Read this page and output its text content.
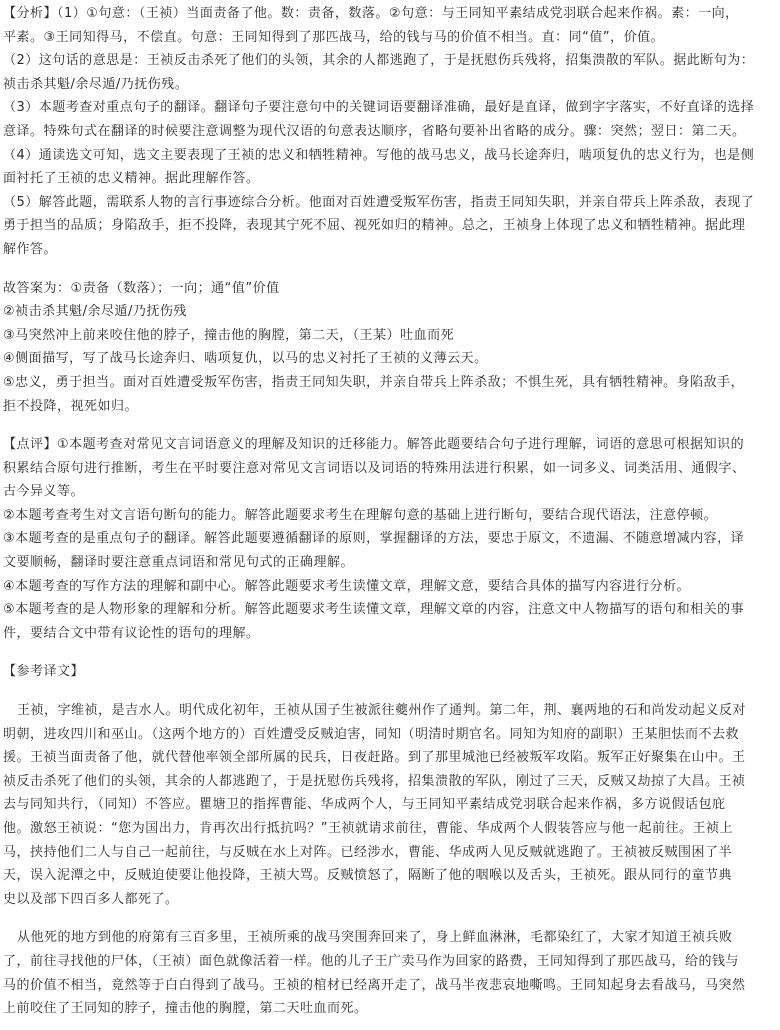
【分析】（1）①句意：（王祯）当面责备了他。数：责备，数落。②句意：与王同知平素结成党羽联合起来作祸。素：一向，
平素。③王同知得马，不偿直。句意：王同知得到了那匹战马，给的钱与马的价值不相当。直：同“值”，价值。
（2）这句话的意思是：王祯反击杀死了他们的头领，其余的人都逃跑了，于是抚慰伤兵残将，招集溃散的军队。据此断句为：
祯击杀其魁/余尽遁/乃抚伤残。
（3）本题考查对重点句子的翻译。翻译句子要注意句中的关键词语要翻译准确，最好是直译，做到字字落实，不好直译的选择
意译。特殊句式在翻译的时候要注意调整为现代汉语的句意表达顺序，省略句要补出省略的成分。骤：突然；翌日：第二天。
（4）通读选文可知，选文主要表现了王祯的忠义和牺牲精神。写他的战马忠义，战马长途奔归，啮项复仇的忠义行为，也是侧
面衬托了王祯的忠义精神。据此理解作答。
（5）解答此题，需联系人物的言行事迹综合分析。他面对百姓遭受叛军伤害，指责王同知失职，并亲自带兵上阵杀敌，表现了
勇于担当的品质；身陷敌手，拒不投降，表现其宁死不屈、视死如归的精神。总之，王祯身上体现了忠义和牺牲精神。据此理
解作答。
故答案为：①责备（数落）；一向；通“值”价值
②祯击杀其魁/余尽遁/乃抚伤残
③马突然冲上前来咬住他的脖子，撞击他的胸膛，第二天，（王某）吐血而死
④侧面描写，写了战马长途奔归、啮项复仇，以马的忠义衬托了王祯的义薄云天。
⑤忠义，勇于担当。面对百姓遭受叛军伤害，指责王同知失职，并亲自带兵上阵杀敌；不惧生死，具有牺牲精神。身陷敌手，
拒不投降，视死如归。
【点评】①本题考查对常见文言词语意义的理解及知识的迁移能力。解答此题要结合句子进行理解，词语的意思可根据知识的
积累结合原句进行推断，考生在平时要注意对常见文言词语以及词语的特殊用法进行积累，如一词多义、词类活用、通假字、
古今异义等。
②本题考查考生对文言语句断句的能力。解答此题要求考生在理解句意的基础上进行断句，要结合现代语法，注意停顿。
③本题考查的是重点句子的翻译。解答此题要遵循翻译的原则，掌握翻译的方法，要忠于原文，不遗漏、不随意增减内容，译
文要顺畅，翻译时要注意重点词语和常见句式的正确理解。
④本题考查的写作方法的理解和副中心。解答此题要求考生读懂文章，理解文意，要结合具体的描写内容进行分析。
⑤本题考查的是人物形象的理解和分析。解答此题要求考生读懂文章，理解文章的内容，注意文中人物描写的语句和相关的事
件，要结合文中带有议论性的语句的理解。
【参考译文】
王祯，字维祯，是吉水人。明代成化初年，王祯从国子生被派往夔州作了通判。第二年，荆、襄两地的石和尚发动起义反对
明朝，进攻四川和巫山。（这两个地方的）百姓遭受反贼迫害，同知（明清时期官名。同知为知府的副职）王某胆怯而不去救
援。王祯当面责备了他，就代替他率领全部所属的民兵，日夜赶路。到了那里城池已经被叛军攻陷。叛军正好聚集在山中。王
祯反击杀死了他们的头领，其余的人都逃跑了，于是抚慰伤兵残将，招集溃散的军队，刚过了三天，反贼又劫掠了大昌。王祯
去与同知共行，（同知）不答应。瞿塘卫的指挥曹能、华成两个人，与王同知平素结成党羽联合起来作祸，多方说假话包庇
他。激怒王祯说：“您为国出力，肯再次出行抵抗吗？”王祯就请求前往，曹能、华成两个人假装答应与他一起前往。王祯上
马，挟持他们二人与自己一起前往，与反贼在水上对阵。已经涉水，曹能、华成两人见反贼就逃跑了。王祯被反贼围困了半
天，误入泥潭之中，反贼迫使要让他投降，王祯大骂。反贼愤怒了，隔断了他的咽喉以及舌头，王祯死。跟从同行的童节典
史以及部下四百多人都死了。
从他死的地方到他的府第有三百多里，王祯所乘的战马突围奔回来了，身上鲜血淋淋，毛都染红了，大家才知道王祯兵败
了，前往寻找他的尸体，（王祯）面色就像活着一样。他的儿子王广卖马作为回家的路费，王同知得到了那匹战马，给的钱与
马的价值不相当，竟然等于白白得到了战马。王祯的棺材已经离开走了，战马半夜悲哀地嘶鸣。王同知起身去看战马，马突然
上前咬住了王同知的脖子，撞击他的胸膛，第二天吐血而死。
